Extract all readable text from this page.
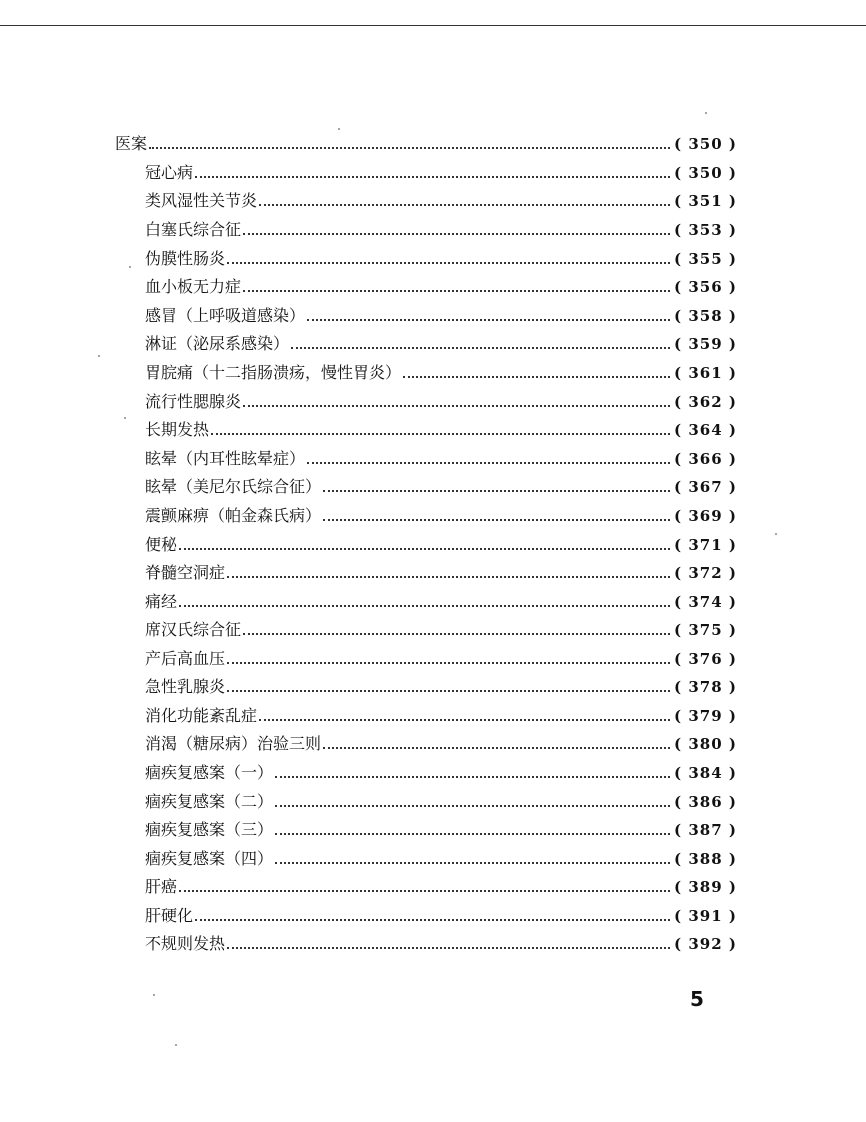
医案	( 350 )
冠心病	( 350 )
类风湿性关节炎	( 351 )
白塞氏综合征	( 353 )
伪膜性肠炎	( 355 )
血小板无力症	( 356 )
感冒（上呼吸道感染）	( 358 )
淋证（泌尿系感染）	( 359 )
胃脘痛（十二指肠溃疡，慢性胃炎）	( 361 )
流行性腮腺炎	( 362 )
长期发热	( 364 )
眩晕（内耳性眩晕症）	( 366 )
眩晕（美尼尔氏综合征）	( 367 )
震颤麻痹（帕金森氏病）	( 369 )
便秘	( 371 )
脊髓空洞症	( 372 )
痛经	( 374 )
席汉氏综合征	( 375 )
产后高血压	( 376 )
急性乳腺炎	( 378 )
消化功能紊乱症	( 379 )
消渴（糖尿病）治验三则	( 380 )
痼疾复感案（一）	( 384 )
痼疾复感案（二）	( 386 )
痼疾复感案（三）	( 387 )
痼疾复感案（四）	( 388 )
肝癌	( 389 )
肝硬化	( 391 )
不规则发热	( 392 )
5
